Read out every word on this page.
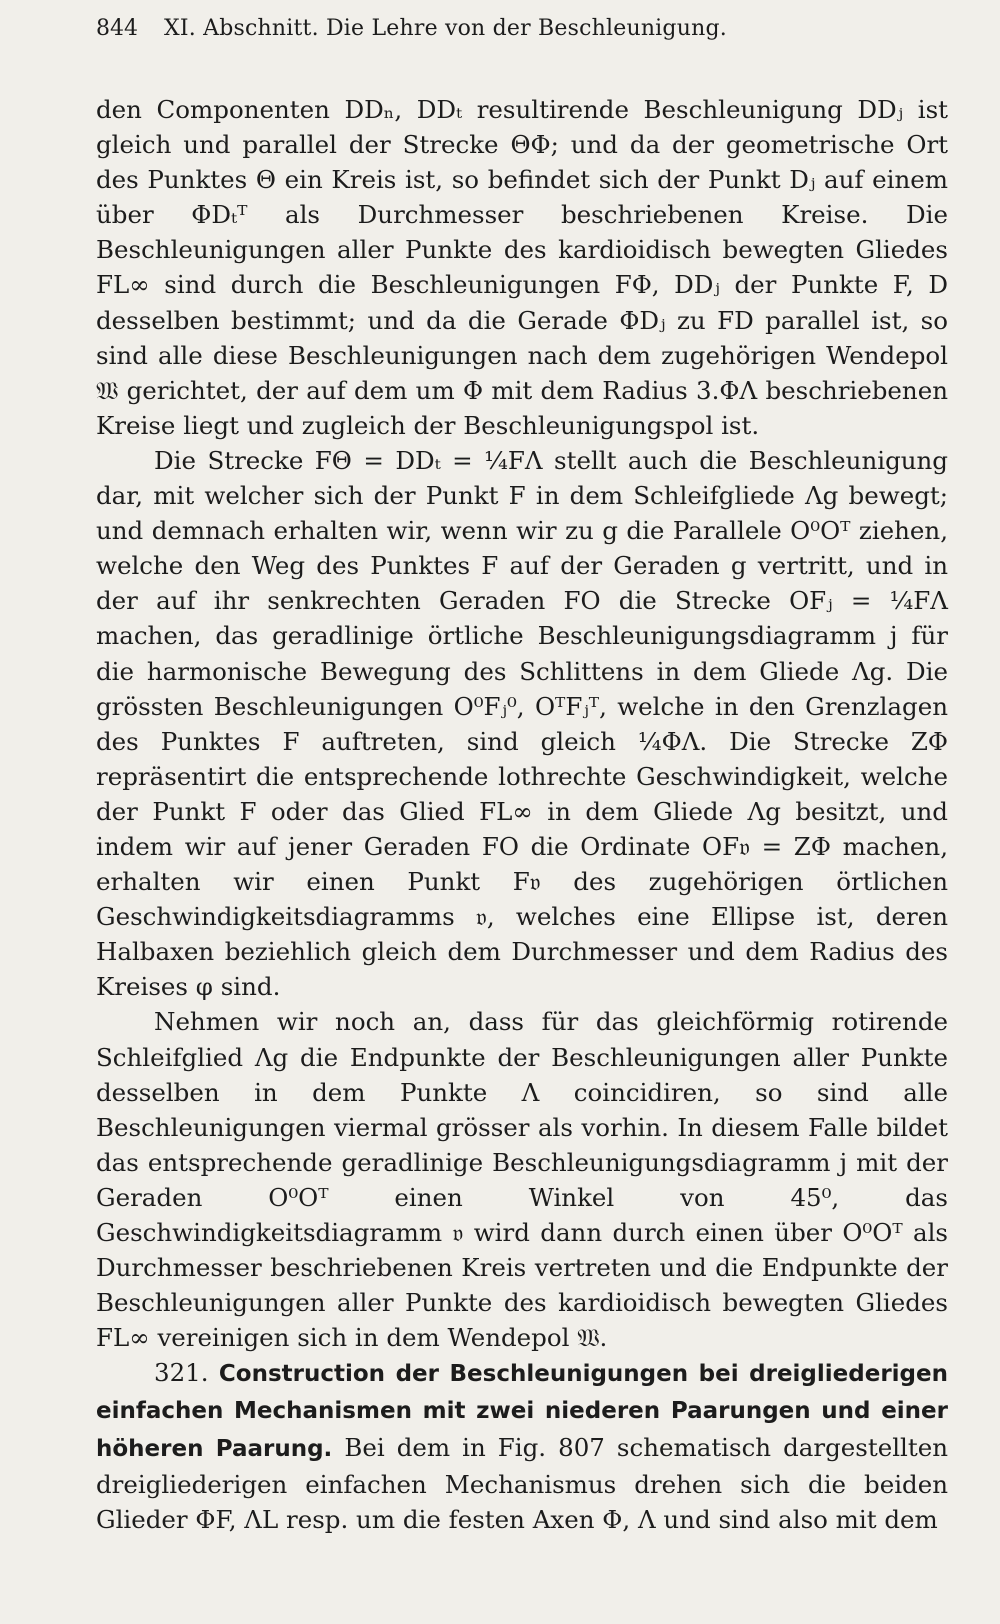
844 XI. Abschnitt. Die Lehre von der Beschleunigung.

den Componenten DDₙ, DDₜ resultirende Beschleunigung DDⱼ ist gleich und parallel der Strecke ΘΦ; und da der geometrische Ort des Punktes Θ ein Kreis ist, so befindet sich der Punkt Dⱼ auf einem über ΦDₜᵀ als Durchmesser beschriebenen Kreise. Die Beschleunigungen aller Punkte des kardioidisch bewegten Gliedes FL∞ sind durch die Beschleunigungen FΦ, DDⱼ der Punkte F, D desselben bestimmt; und da die Gerade ΦDⱼ zu FD parallel ist, so sind alle diese Beschleunigungen nach dem zugehörigen Wendepol 𝔚 gerichtet, der auf dem um Φ mit dem Radius 3.ΦΛ beschriebenen Kreise liegt und zugleich der Beschleunigungspol ist.

Die Strecke FΘ = DDₜ = ¼FΛ stellt auch die Beschleunigung dar, mit welcher sich der Punkt F in dem Schleifgliede Λg bewegt; und demnach erhalten wir, wenn wir zu g die Parallele O⁰Oᵀ ziehen, welche den Weg des Punktes F auf der Geraden g vertritt, und in der auf ihr senkrechten Geraden FO die Strecke OFⱼ = ¼FΛ machen, das geradlinige örtliche Beschleunigungsdiagramm j für die harmonische Bewegung des Schlittens in dem Gliede Λg. Die grössten Beschleunigungen O⁰Fⱼ⁰, OᵀFⱼᵀ, welche in den Grenzlagen des Punktes F auftreten, sind gleich ¼ΦΛ. Die Strecke ZΦ repräsentirt die entsprechende lothrechte Geschwindigkeit, welche der Punkt F oder das Glied FL∞ in dem Gliede Λg besitzt, und indem wir auf jener Geraden FO die Ordinate OF𝔳 = ZΦ machen, erhalten wir einen Punkt F𝔳 des zugehörigen örtlichen Geschwindigkeitsdiagramms 𝔳, welches eine Ellipse ist, deren Halbaxen beziehlich gleich dem Durchmesser und dem Radius des Kreises φ sind.

Nehmen wir noch an, dass für das gleichförmig rotirende Schleifglied Λg die Endpunkte der Beschleunigungen aller Punkte desselben in dem Punkte Λ coincidiren, so sind alle Beschleunigungen viermal grösser als vorhin. In diesem Falle bildet das entsprechende geradlinige Beschleunigungsdiagramm j mit der Geraden O⁰Oᵀ einen Winkel von 45⁰, das Geschwindigkeitsdiagramm 𝔳 wird dann durch einen über O⁰Oᵀ als Durchmesser beschriebenen Kreis vertreten und die Endpunkte der Beschleunigungen aller Punkte des kardioidisch bewegten Gliedes FL∞ vereinigen sich in dem Wendepol 𝔚.

321. Construction der Beschleunigungen bei dreigliederigen einfachen Mechanismen mit zwei niederen Paarungen und einer höheren Paarung. Bei dem in Fig. 807 schematisch dargestellten dreigliederigen einfachen Mechanismus drehen sich die beiden Glieder ΦF, ΛL resp. um die festen Axen Φ, Λ und sind also mit dem
